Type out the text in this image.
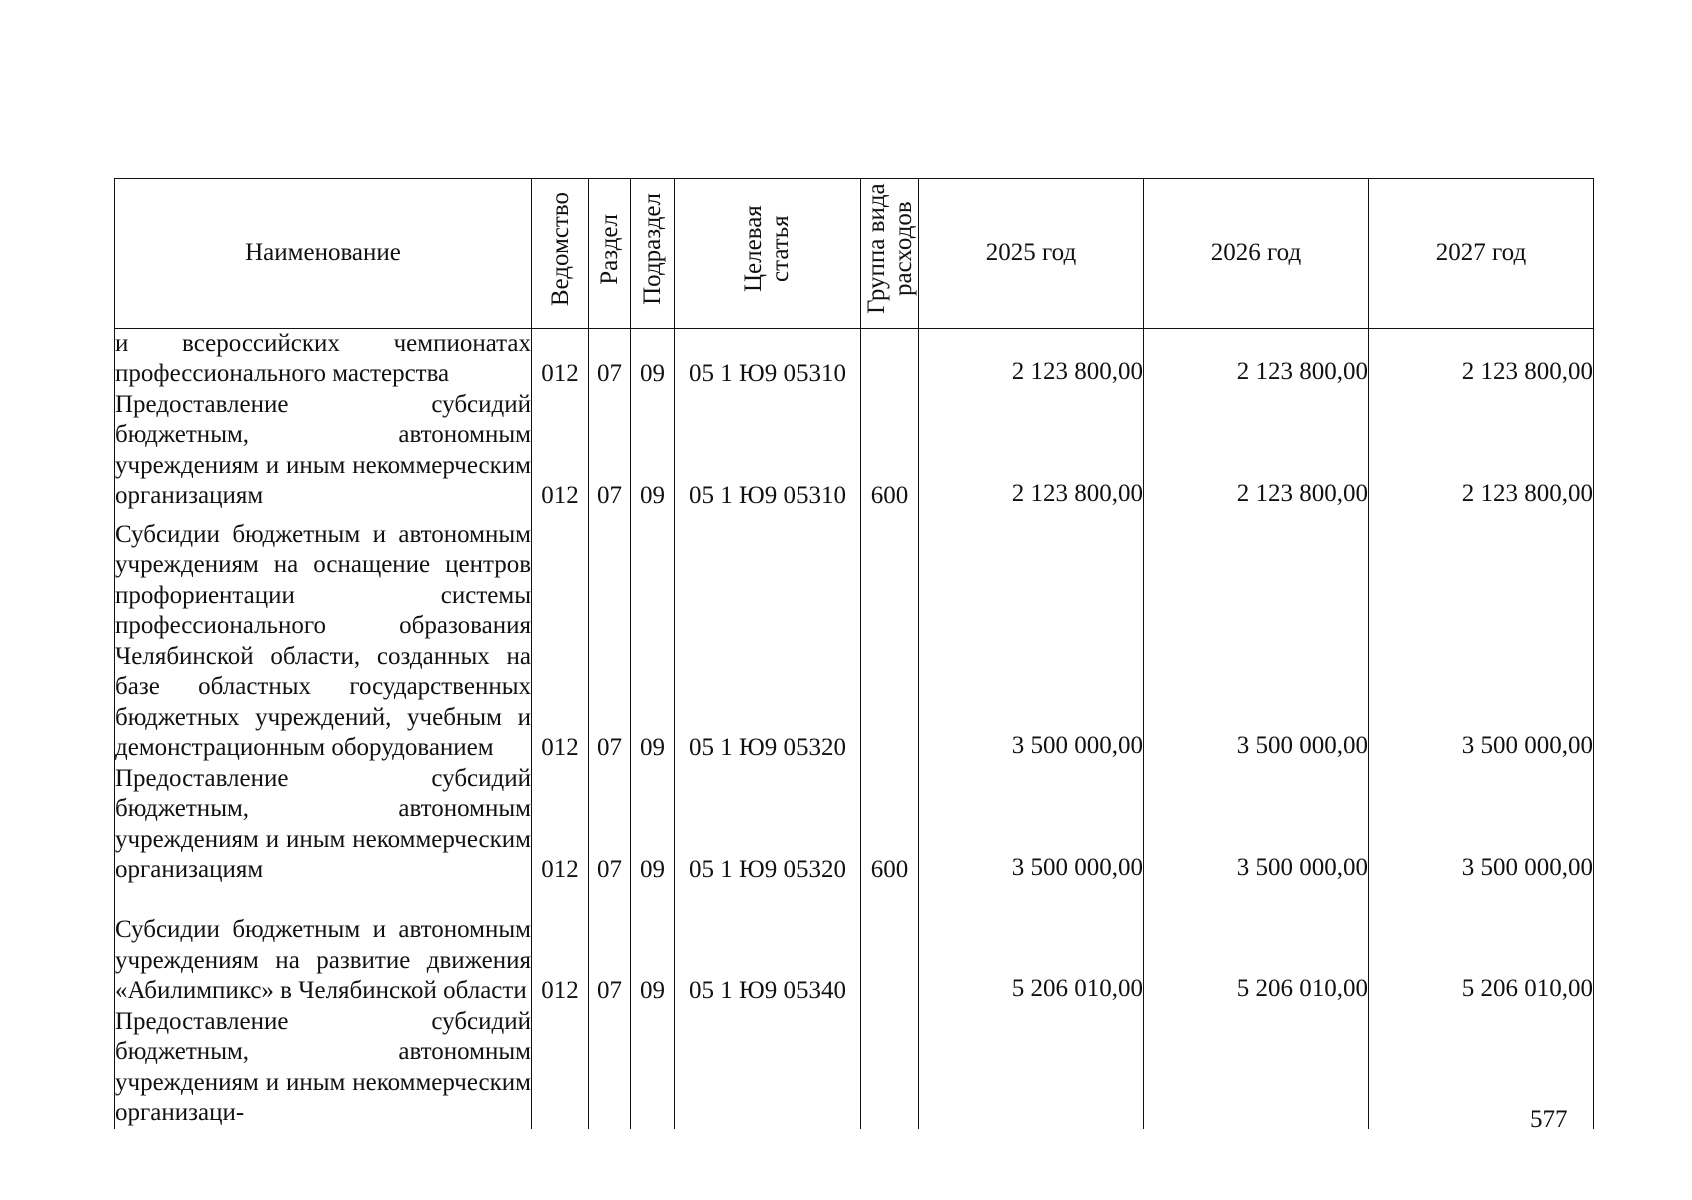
Наименование	Ведомство	Раздел	Подраздел	Целевая статья	Группа вида расходов	2025 год	2026 год	2027 год
и всероссийских чемпионатах профессионального мастерства	012	07	09	05 1 Ю9 05310		2 123 800,00	2 123 800,00	2 123 800,00
Предоставление субсидий бюджетным, автономным учреждениям и иным некоммерческим организациям	012	07	09	05 1 Ю9 05310	600	2 123 800,00	2 123 800,00	2 123 800,00
Субсидии бюджетным и автономным учреждениям на оснащение центров профориентации системы профессионального образования Челябинской области, созданных на базе областных государственных бюджетных учреждений, учебным и демонстрационным оборудованием	012	07	09	05 1 Ю9 05320		3 500 000,00	3 500 000,00	3 500 000,00
Предоставление субсидий бюджетным, автономным учреждениям и иным некоммерческим организациям	012	07	09	05 1 Ю9 05320	600	3 500 000,00	3 500 000,00	3 500 000,00
Субсидии бюджетным и автономным учреждениям на развитие движения «Абилимпикс» в Челябинской области	012	07	09	05 1 Ю9 05340		5 206 010,00	5 206 010,00	5 206 010,00
Предоставление субсидий бюджетным, автономным учреждениям и иным некоммерческим организаци-									577
